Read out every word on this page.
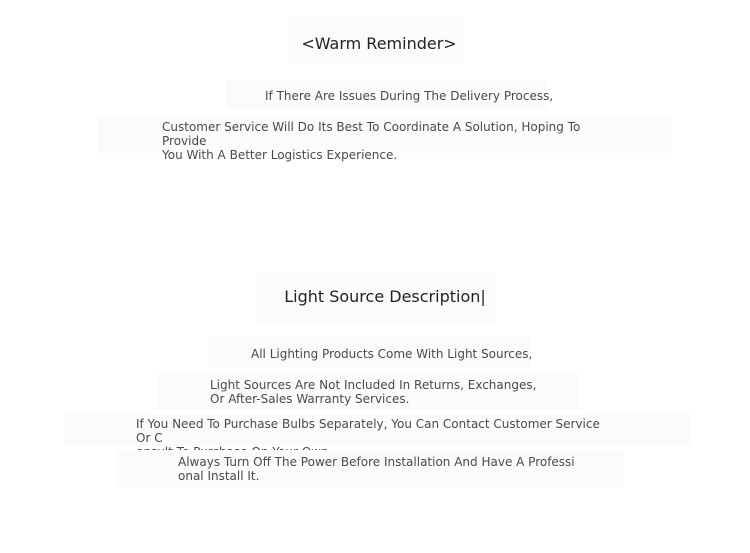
<Warm Reminder>
If There Are Issues During The Delivery Process,
Customer Service Will Do Its Best To Coordinate A Solution, Hoping To Provide
You With A Better Logistics Experience.
Light Source Description|
All Lighting Products Come With Light Sources,
Light Sources Are Not Included In Returns, Exchanges,
Or After-Sales Warranty Services.
If You Need To Purchase Bulbs Separately, You Can Contact Customer Service Or C

Always Turn Off The Power Before Installation And Have A Professi
onal Install It.
